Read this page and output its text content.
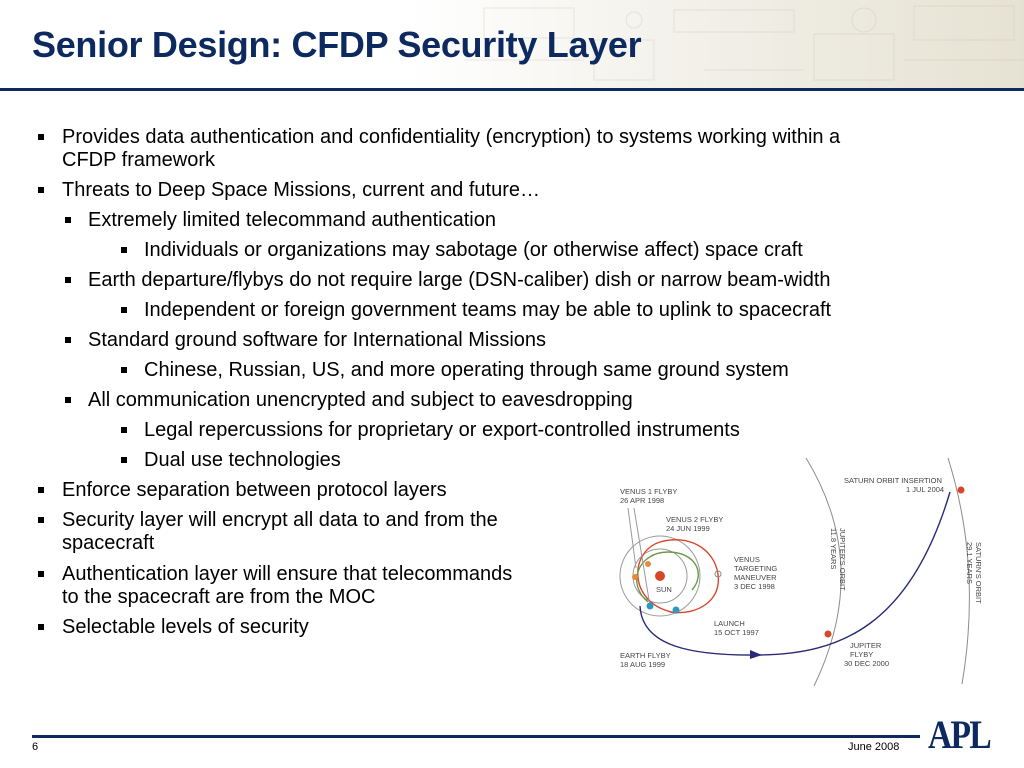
Senior Design: CFDP Security Layer
Provides data authentication and confidentiality (encryption) to systems working within a
CFDP framework
Threats to Deep Space Missions, current and future…
Extremely limited telecommand authentication
Individuals or organizations may sabotage (or otherwise affect) space craft
Earth departure/flybys do not require large (DSN-caliber) dish or narrow beam-width
Independent or foreign government teams may be able to uplink to spacecraft
Standard ground software for International Missions
Chinese, Russian, US, and more operating through same ground system
All communication unencrypted and subject to eavesdropping
Legal repercussions for proprietary or export-controlled instruments
Dual use technologies
Enforce separation between protocol layers
Security layer will encrypt all data to and from the
spacecraft
Authentication layer will ensure that telecommands
to the spacecraft are from the MOC
Selectable levels of security
VENUS 1 FLYBY 26 APR 1998
VENUS 2 FLYBY 24 JUN 1999
VENUS TARGETING MANEUVER 3 DEC 1998
SUN
LAUNCH 15 OCT 1997
EARTH FLYBY 18 AUG 1999
JUPITER FLYBY 30 DEC 2000
SATURN ORBIT INSERTION 1 JUL 2004
JUPITER'S ORBIT11.8 YEARS	SATURN'S ORBIT29.1 YEARS
6	June 2008 APL
